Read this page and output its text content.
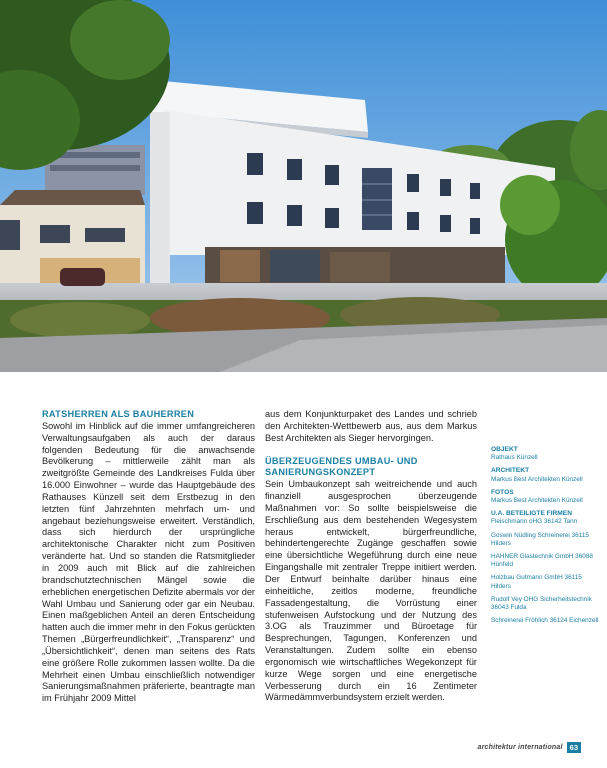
RATSHERREN ALS BAUHERREN

Sowohl im Hinblick auf die immer umfangreicheren Verwaltungsaufgaben als auch der daraus folgenden Bedeutung für die anwachsende Bevölkerung – mittlerweile zählt man als zweitgrößte Gemeinde des Landkreises Fulda über 16.000 Einwohner – wurde das Hauptgebäude des Rathauses Künzell seit dem Erstbezug in den letzten fünf Jahrzehnten mehrfach um- und angebaut beziehungsweise erweitert. Verständlich, dass sich hierdurch der ursprüngliche architektonische Charakter nicht zum Positiven veränderte hat. Und so standen die Ratsmitglieder in 2009 auch mit Blick auf die zahlreichen brandschutztechnischen Mängel sowie die erheblichen energetischen Defizite abermals vor der Wahl Umbau und Sanierung oder gar ein Neubau. Einen maßgeblichen Anteil an deren Entscheidung hatten auch die immer mehr in den Fokus gerückten Themen „Bürgerfreundlichkeit“, „Transparenz“ und „Übersichtlichkeit“, denen man seitens des Rats eine größere Rolle zukommen lassen wollte. Da die Mehrheit einen Umbau einschließlich notwendiger Sanierungsmaßnahmen präferierte, beantragte man im Frühjahr 2009 Mittel

aus dem Konjunkturpaket des Landes und schrieb den Architekten-Wettbewerb aus, aus dem Markus Best Architekten als Sieger hervorgingen.

ÜBERZEUGENDES UMBAU- UND SANIERUNGSKONZEPT

Sein Umbaukonzept sah weitreichende und auch finanziell ausgesprochen überzeugende Maßnahmen vor: So sollte beispielsweise die Erschließung aus dem bestehenden Wegesystem heraus entwickelt, bürgerfreundliche, behindertengerechte Zugänge geschaffen sowie eine übersichtliche Wegeführung durch eine neue Eingangshalle mit zentraler Treppe initiiert werden. Der Entwurf beinhalte darüber hinaus eine einheitliche, zeitlos moderne, freundliche Fassadengestaltung, die Vorrüstung einer stufenweisen Aufstockung und der Nutzung des 3.OG als Trauzimmer und Büroetage für Besprechungen, Tagungen, Konferenzen und Veranstaltungen. Zudem sollte ein ebenso ergonomisch wie wirtschaftliches Wegekonzept für kurze Wege sorgen und eine energetische Verbesserung durch ein 16 Zentimeter Wärmedämmverbundsystem erzielt werden.

OBJEKT
Rathaus Künzell
ARCHITEKT
Markus Best Architekten Künzell
FOTOS
Markus Best Architekten Künzell
U.A. BETEILIGTE FIRMEN
Fleischmann oHG 36142 Tann
Goswin Nüdling Schreinerei 36115 Hilders
HAHNER Glastechnik GmbH 36088 Hünfeld
Holzbau Gutmann GmbH 36115 Hilders
Rudolf Vey OHG Sicherheitstechnik 36043 Fulda
Schreinerei Fröhlich 36124 Eichenzell
architektur international 63
